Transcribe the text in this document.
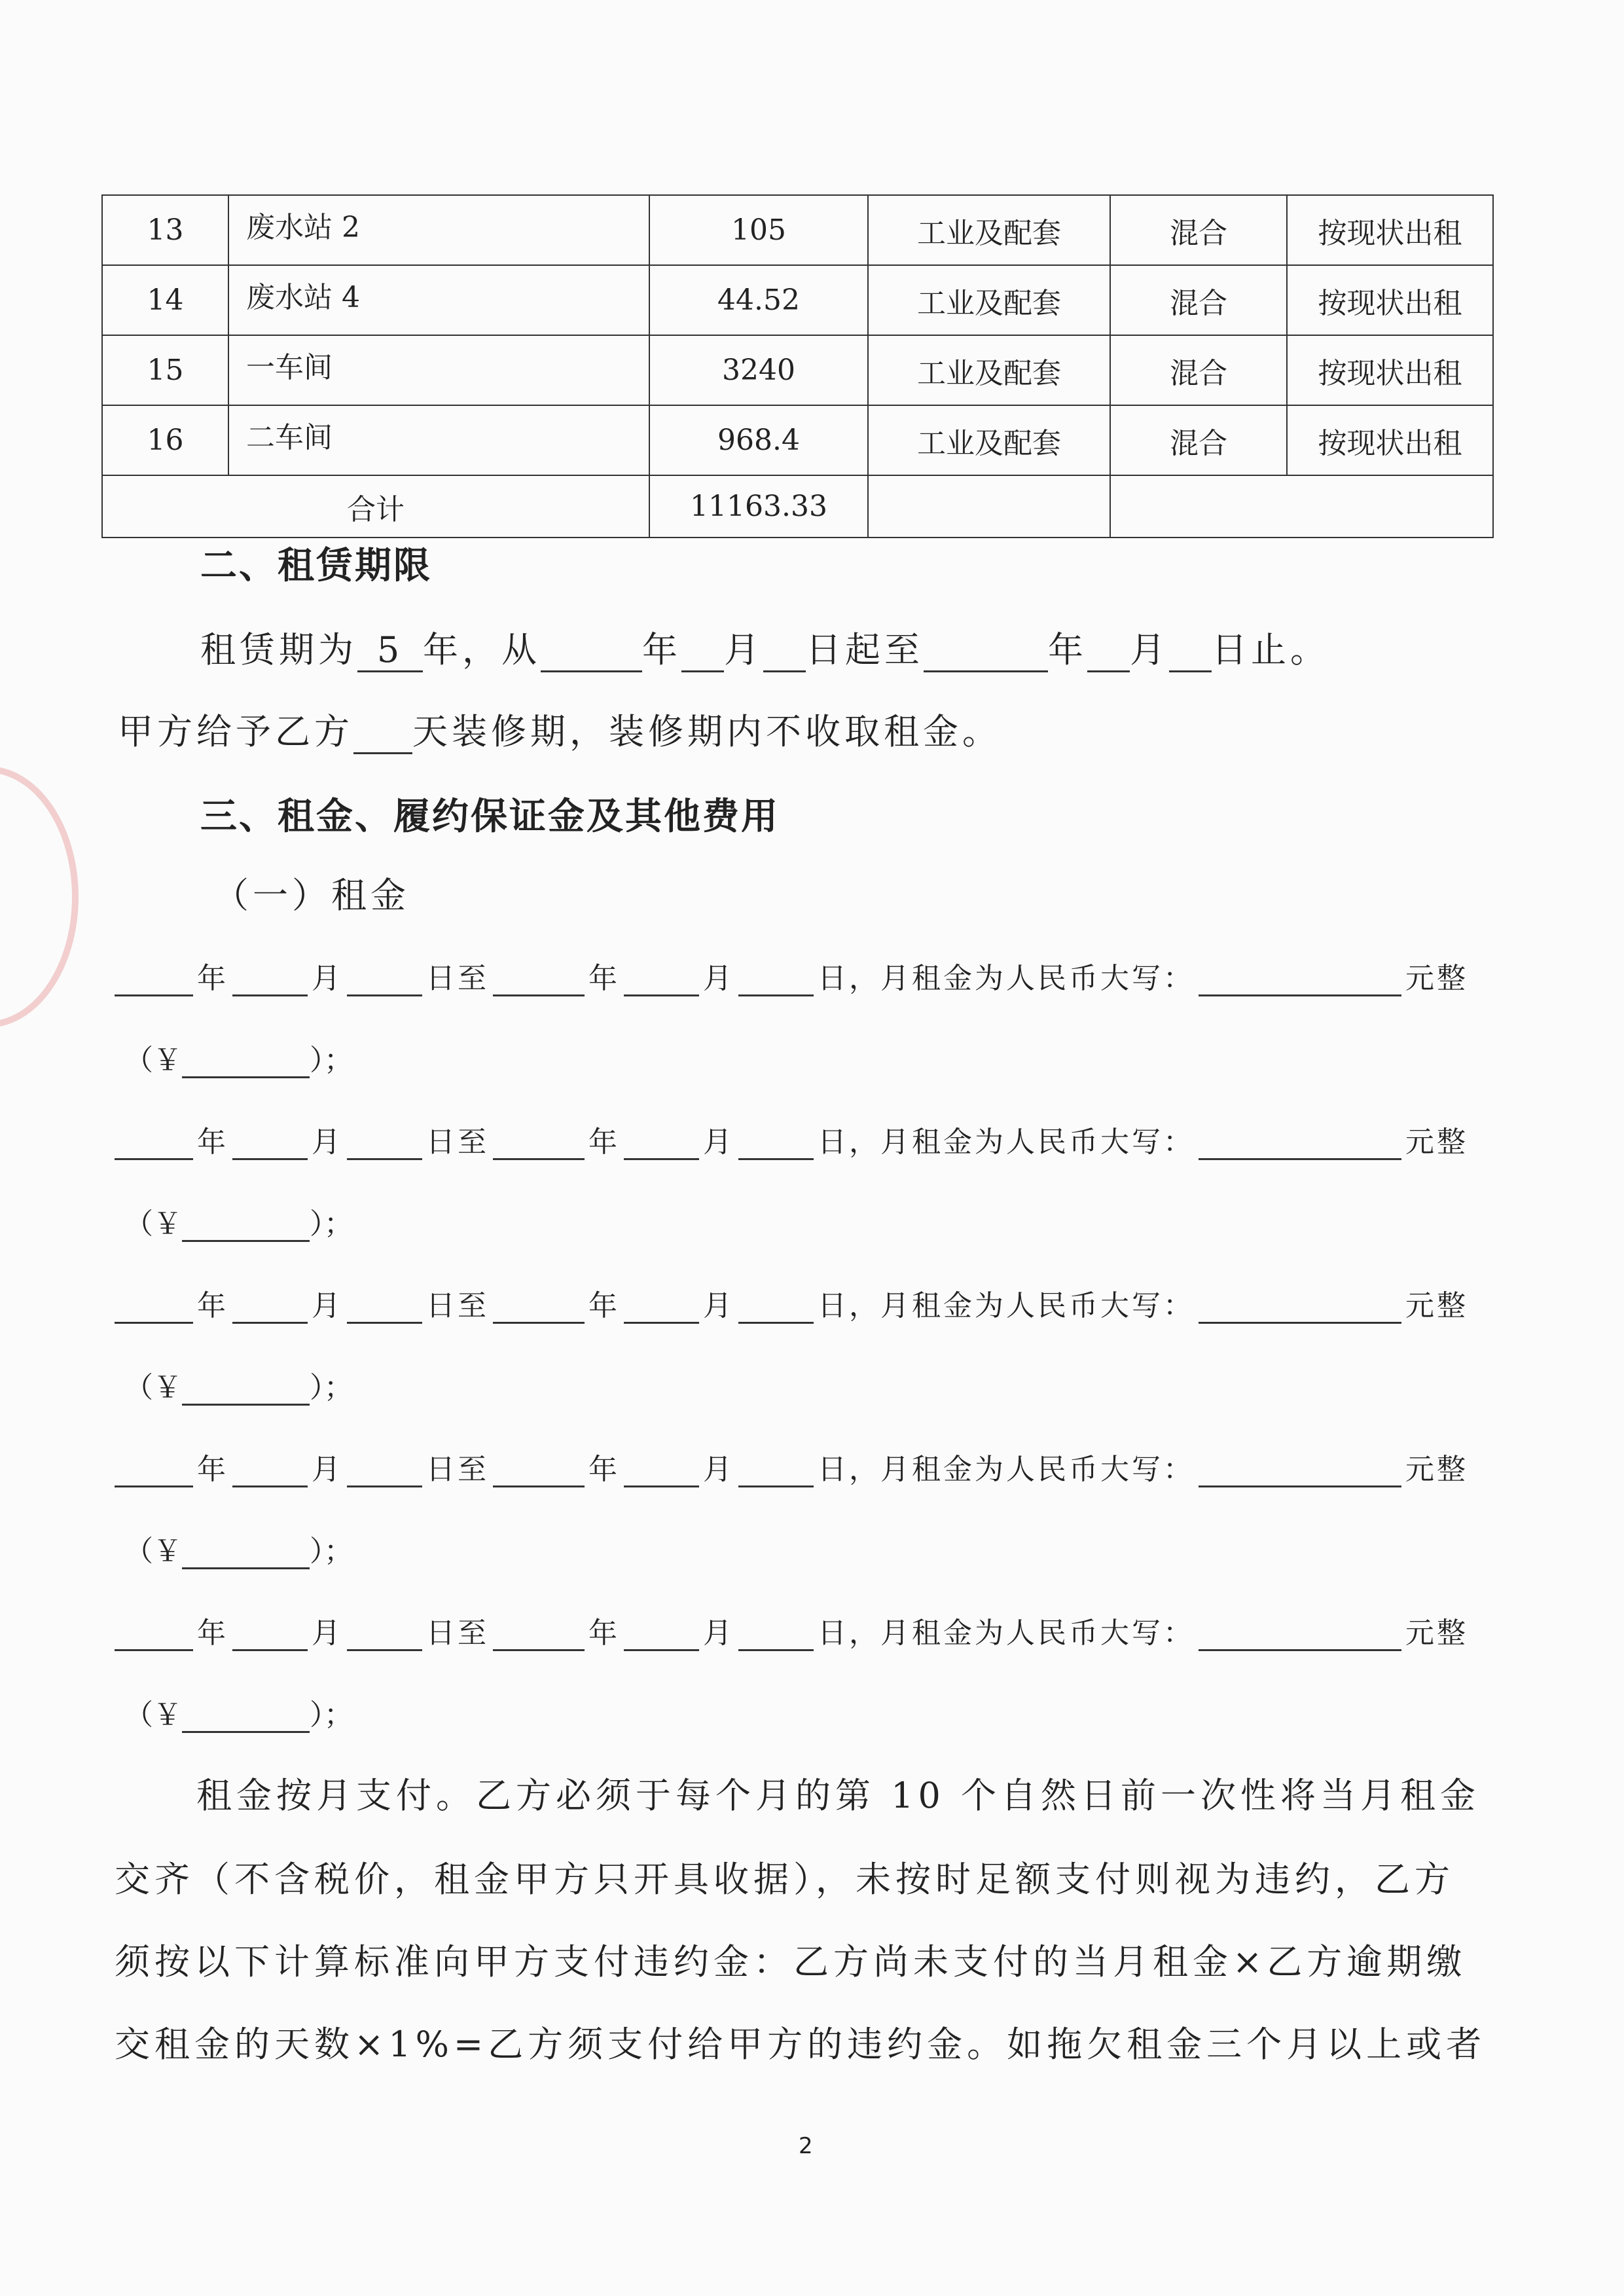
13	废水站 2	105	工业及配套	混合	按现状出租
14	废水站 4	44.52	工业及配套	混合	按现状出租
15	一车间	3240	工业及配套	混合	按现状出租
16	二车间	968.4	工业及配套	混合	按现状出租
合计		11163.33			
二、租赁期限
租赁期为 5 年，从	年 月 日起至	年 月 日止。
甲方给予乙方 天装修期，装修期内不收取租金。
三、租金、履约保证金及其他费用
（一）租金
年	月	日至	年	月	日，月租金为人民币大写：	元整
（￥	）；
年	月	日至	年	月	日，月租金为人民币大写：	元整
（￥	）；
年	月	日至	年	月	日，月租金为人民币大写：	元整
（￥	）；
年	月	日至	年	月	日，月租金为人民币大写：	元整
（￥	）；
年	月	日至	年	月	日，月租金为人民币大写：	元整
（￥	）；
租金按月支付。乙方必须于每个月的第 10 个自然日前一次性将当月租金
交齐（不含税价，租金甲方只开具收据），未按时足额支付则视为违约，乙方
须按以下计算标准向甲方支付违约金：乙方尚未支付的当月租金×乙方逾期缴
交租金的天数×1%=乙方须支付给甲方的违约金。如拖欠租金三个月以上或者
2
